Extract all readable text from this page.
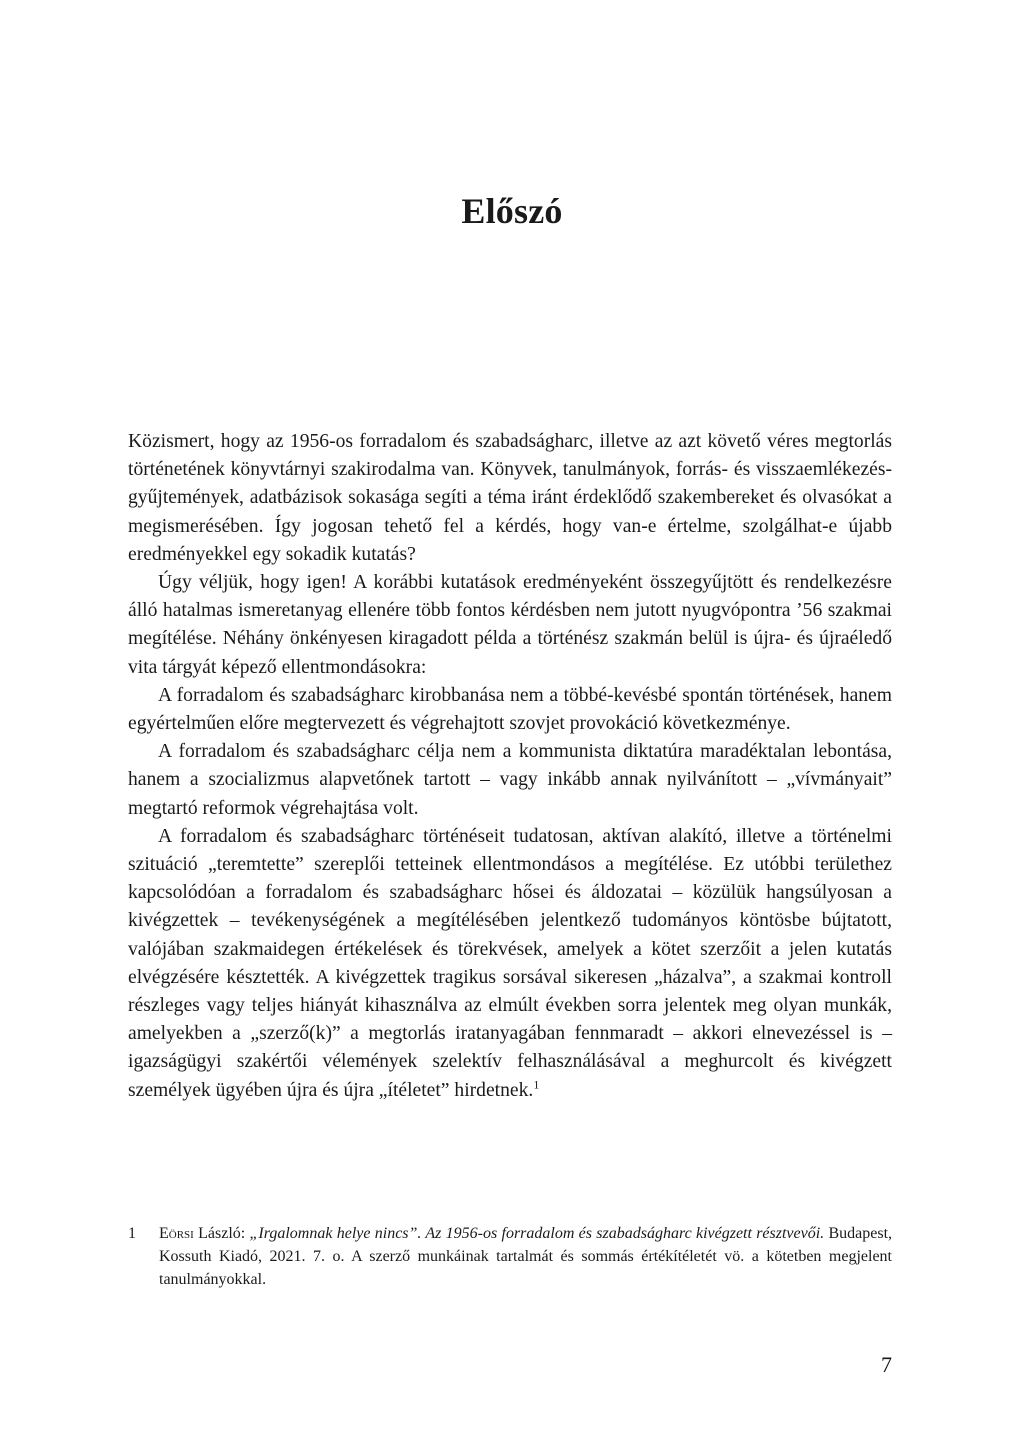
Előszó

Közismert, hogy az 1956-os forradalom és szabadságharc, illetve az azt követő véres megtorlás történetének könyvtárnyi szakirodalma van. Könyvek, tanulmányok, forrás- és visszaemlékezés-gyűjtemények, adatbázisok sokasága segíti a téma iránt érdeklődő szakembereket és olvasókat a megismerésében. Így jogosan tehető fel a kérdés, hogy van-e értelme, szolgálhat-e újabb eredményekkel egy sokadik kutatás?

Úgy véljük, hogy igen! A korábbi kutatások eredményeként összegyűjtött és rendelkezésre álló hatalmas ismeretanyag ellenére több fontos kérdésben nem jutott nyugvópontra ’56 szakmai megítélése. Néhány önkényesen kiragadott példa a történész szakmán belül is újra- és újraéledő vita tárgyát képező ellentmondásokra:

A forradalom és szabadságharc kirobbanása nem a többé-kevésbé spontán történések, hanem egyértelműen előre megtervezett és végrehajtott szovjet provokáció következménye.

A forradalom és szabadságharc célja nem a kommunista diktatúra maradéktalan lebontása, hanem a szocializmus alapvetőnek tartott – vagy inkább annak nyilvánított – „vívmányait” megtartó reformok végrehajtása volt.

A forradalom és szabadságharc történéseit tudatosan, aktívan alakító, illetve a történelmi szituáció „teremtette” szereplői tetteinek ellentmondásos a megítélése. Ez utóbbi területhez kapcsolódóan a forradalom és szabadságharc hősei és áldozatai – közülük hangsúlyosan a kivégzettek – tevékenységének a megítélésében jelentkező tudományos köntösbe bújtatott, valójában szakmaidegen értékelések és törekvések, amelyek a kötet szerzőit a jelen kutatás elvégzésére késztették. A kivégzettek tragikus sorsával sikeresen „házalva”, a szakmai kontroll részleges vagy teljes hiányát kihasználva az elmúlt években sorra jelentek meg olyan munkák, amelyekben a „szerző(k)” a megtorlás iratanyagában fennmaradt – akkori elnevezéssel is – igazságügyi szakértői vélemények szelektív felhasználásával a meghurcolt és kivégzett személyek ügyében újra és újra „ítéletet” hirdetnek.$^1$

1 Eörsi László: „Irgalomnak helye nincs”. Az 1956-os forradalom és szabadságharc kivégzett résztvevői. Budapest, Kossuth Kiadó, 2021. 7. o. A szerző munkáinak tartalmát és sommás értékítéletét vö. a kötetben megjelent tanulmányokkal.
7
